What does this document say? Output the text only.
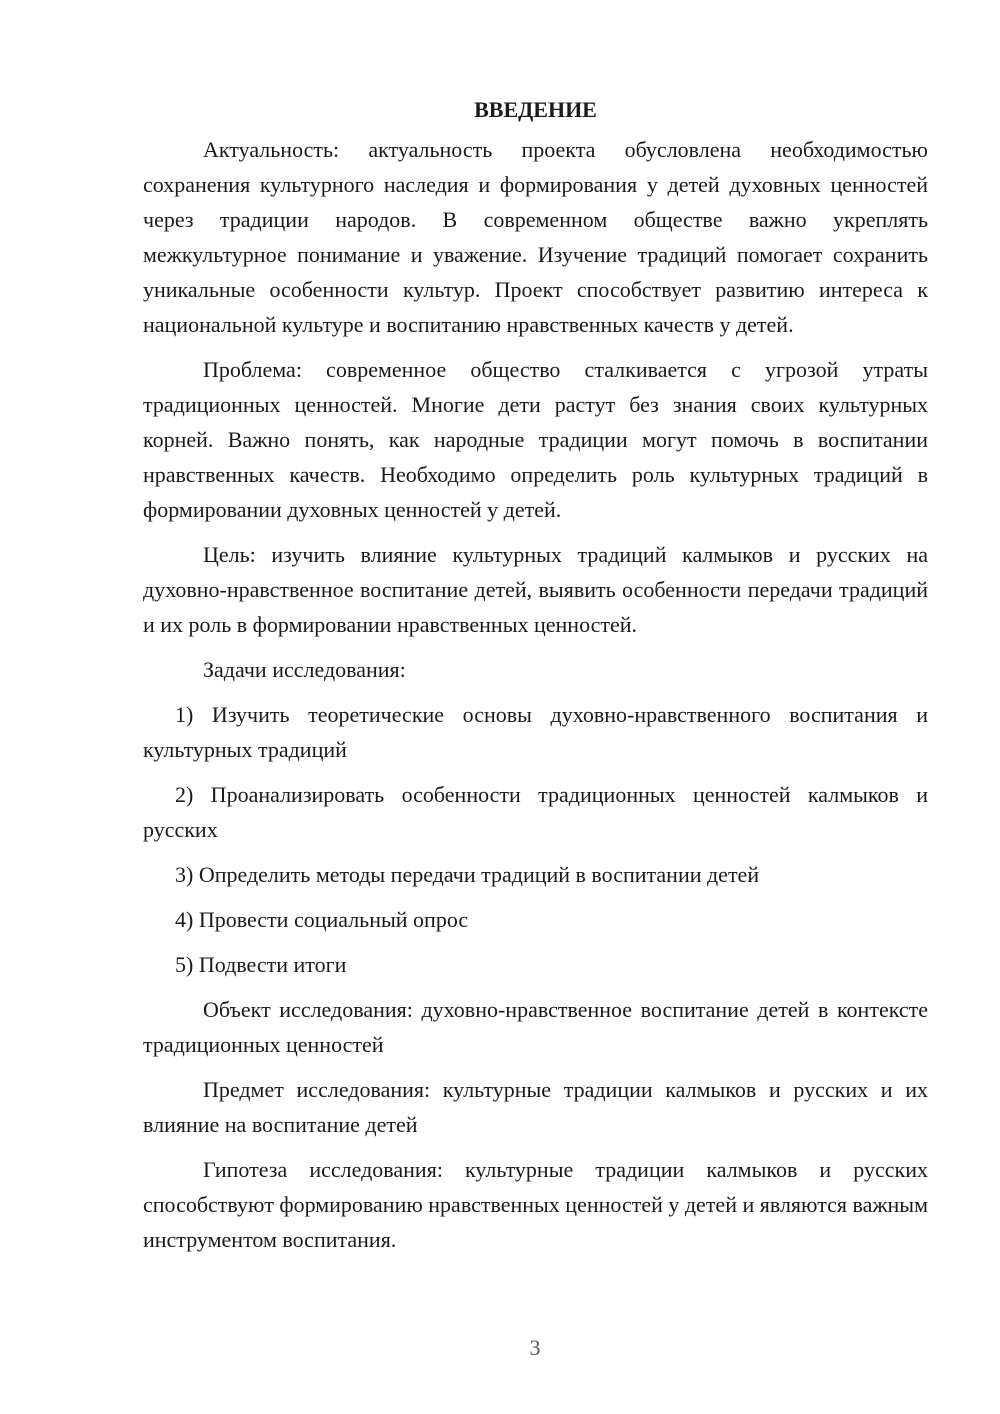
ВВЕДЕНИЕ

Актуальность: актуальность проекта обусловлена необходимостью сохранения культурного наследия и формирования у детей духовных ценностей через традиции народов. В современном обществе важно укреплять межкультурное понимание и уважение. Изучение традиций помогает сохранить уникальные особенности культур. Проект способствует развитию интереса к национальной культуре и воспитанию нравственных качеств у детей.

Проблема: современное общество сталкивается с угрозой утраты традиционных ценностей. Многие дети растут без знания своих культурных корней. Важно понять, как народные традиции могут помочь в воспитании нравственных качеств. Необходимо определить роль культурных традиций в формировании духовных ценностей у детей.

Цель: изучить влияние культурных традиций калмыков и русских на духовно-нравственное воспитание детей, выявить особенности передачи традиций и их роль в формировании нравственных ценностей.

Задачи исследования:

1) Изучить теоретические основы духовно-нравственного воспитания и культурных традиций

2) Проанализировать особенности традиционных ценностей калмыков и русских

3) Определить методы передачи традиций в воспитании детей

4) Провести социальный опрос

5) Подвести итоги

Объект исследования: духовно-нравственное воспитание детей в контексте традиционных ценностей

Предмет исследования: культурные традиции калмыков и русских и их влияние на воспитание детей

Гипотеза исследования: культурные традиции калмыков и русских способствуют формированию нравственных ценностей у детей и являются важным инструментом воспитания.

3
